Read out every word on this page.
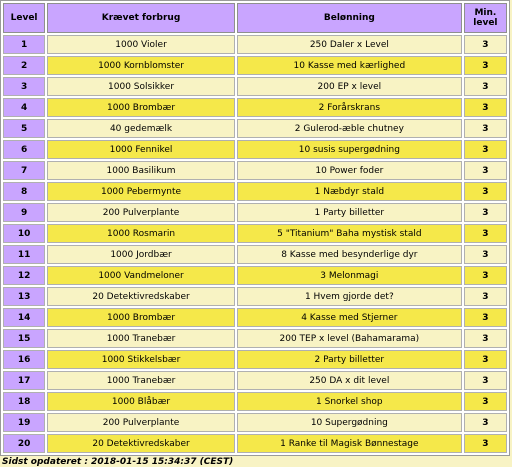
Level	Krævet forbrug	Belønning	Min. level
1	1000 Violer	250 Daler x Level	3
2	1000 Kornblomster	10 Kasse med kærlighed	3
3	1000 Solsikker	200 EP x level	3
4	1000 Brombær	2 Forårskrans	3
5	40 gedemælk	2 Gulerod-æble chutney	3
6	1000 Fennikel	10 susis supergødning	3
7	1000 Basilikum	10 Power foder	3
8	1000 Pebermynte	1 Næbdyr stald	3
9	200 Pulverplante	1 Party billetter	3
10	1000 Rosmarin	5 "Titanium" Baha mystisk stald	3
11	1000 Jordbær	8 Kasse med besynderlige dyr	3
12	1000 Vandmeloner	3 Melonmagi	3
13	20 Detektivredskaber	1 Hvem gjorde det?	3
14	1000 Brombær	4 Kasse med Stjerner	3
15	1000 Tranebær	200 TEP x level (Bahamarama)	3
16	1000 Stikkelsbær	2 Party billetter	3
17	1000 Tranebær	250 DA x dit level	3
18	1000 Blåbær	1 Snorkel shop	3
19	200 Pulverplante	10 Supergødning	3
20	20 Detektivredskaber	1 Ranke til Magisk Bønnestage	3
Sidst opdateret : 2018-01-15 15:34:37 (CEST)
